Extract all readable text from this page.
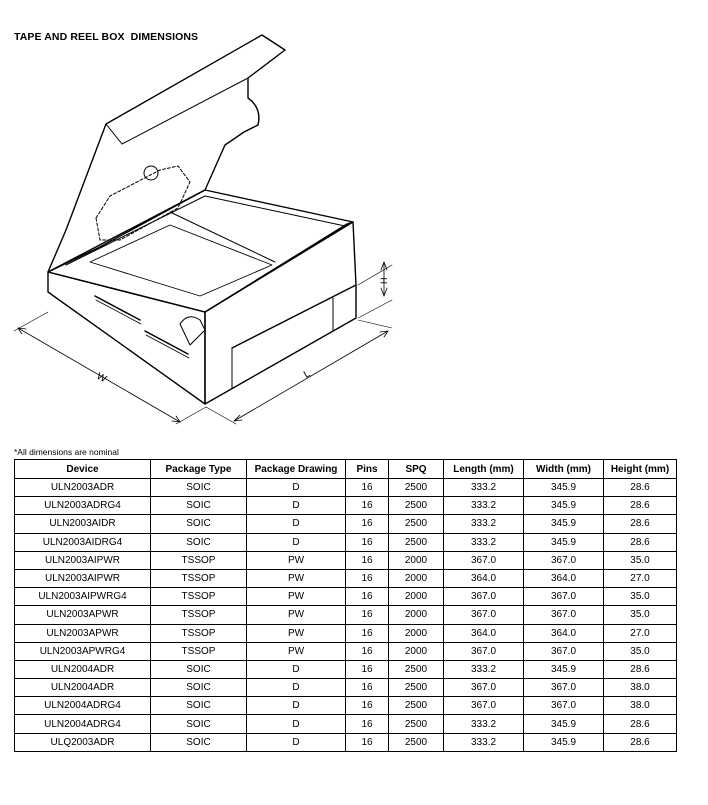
TAPE AND REEL BOX  DIMENSIONS
W	L
H
*All dimensions are nominal
Device	Package Type	Package Drawing	Pins	SPQ	Length (mm)	Width (mm)	Height (mm)
ULN2003ADR	SOIC	D	16	2500	333.2	345.9	28.6
ULN2003ADRG4	SOIC	D	16	2500	333.2	345.9	28.6
ULN2003AIDR	SOIC	D	16	2500	333.2	345.9	28.6
ULN2003AIDRG4	SOIC	D	16	2500	333.2	345.9	28.6
ULN2003AIPWR	TSSOP	PW	16	2000	367.0	367.0	35.0
ULN2003AIPWR	TSSOP	PW	16	2000	364.0	364.0	27.0
ULN2003AIPWRG4	TSSOP	PW	16	2000	367.0	367.0	35.0
ULN2003APWR	TSSOP	PW	16	2000	367.0	367.0	35.0
ULN2003APWR	TSSOP	PW	16	2000	364.0	364.0	27.0
ULN2003APWRG4	TSSOP	PW	16	2000	367.0	367.0	35.0
ULN2004ADR	SOIC	D	16	2500	333.2	345.9	28.6
ULN2004ADR	SOIC	D	16	2500	367.0	367.0	38.0
ULN2004ADRG4	SOIC	D	16	2500	367.0	367.0	38.0
ULN2004ADRG4	SOIC	D	16	2500	333.2	345.9	28.6
ULQ2003ADR	SOIC	D	16	2500	333.2	345.9	28.6
